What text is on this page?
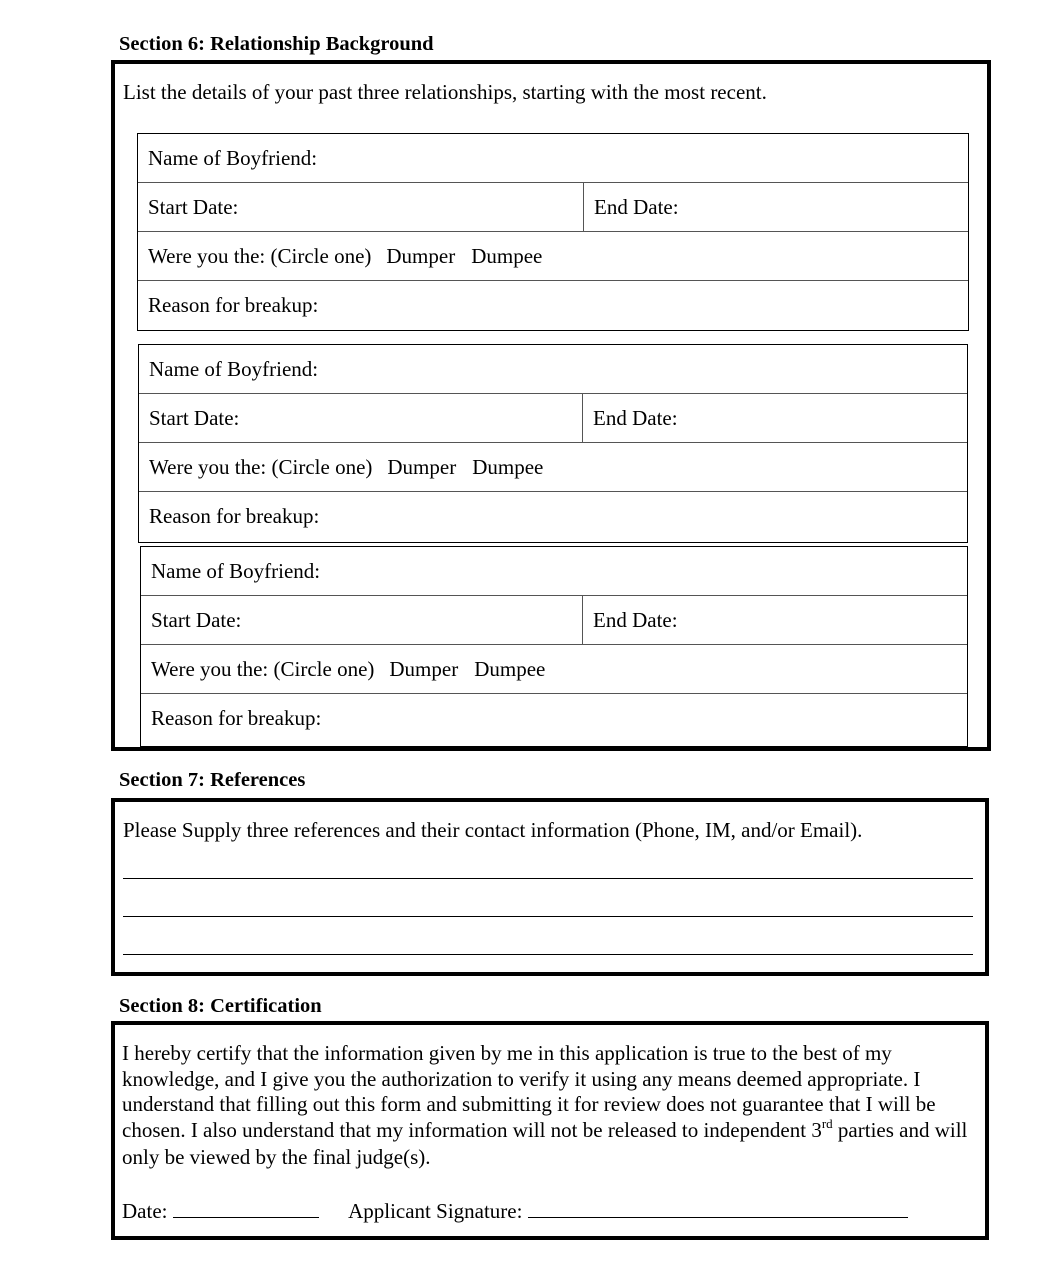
Section 6: Relationship Background
List the details of your past three relationships, starting with the most recent.
Name of Boyfriend:
Start Date:	End Date:
Were you the: (Circle one) Dumper Dumpee
Reason for breakup:
Name of Boyfriend:
Start Date:	End Date:
Were you the: (Circle one) Dumper Dumpee
Reason for breakup:
Name of Boyfriend:
Start Date:	End Date:
Were you the: (Circle one) Dumper Dumpee
Reason for breakup:
Section 7: References
Please Supply three references and their contact information (Phone, IM, and/or Email).
Section 8: Certification
I hereby certify that the information given by me in this application is true to the best of my knowledge, and I give you the authorization to verify it using any means deemed appropriate. I understand that filling out this form and submitting it for review does not guarantee that I will be chosen. I also understand that my information will not be released to independent 3rd parties and will only be viewed by the final judge(s).
Date:	Applicant Signature:
